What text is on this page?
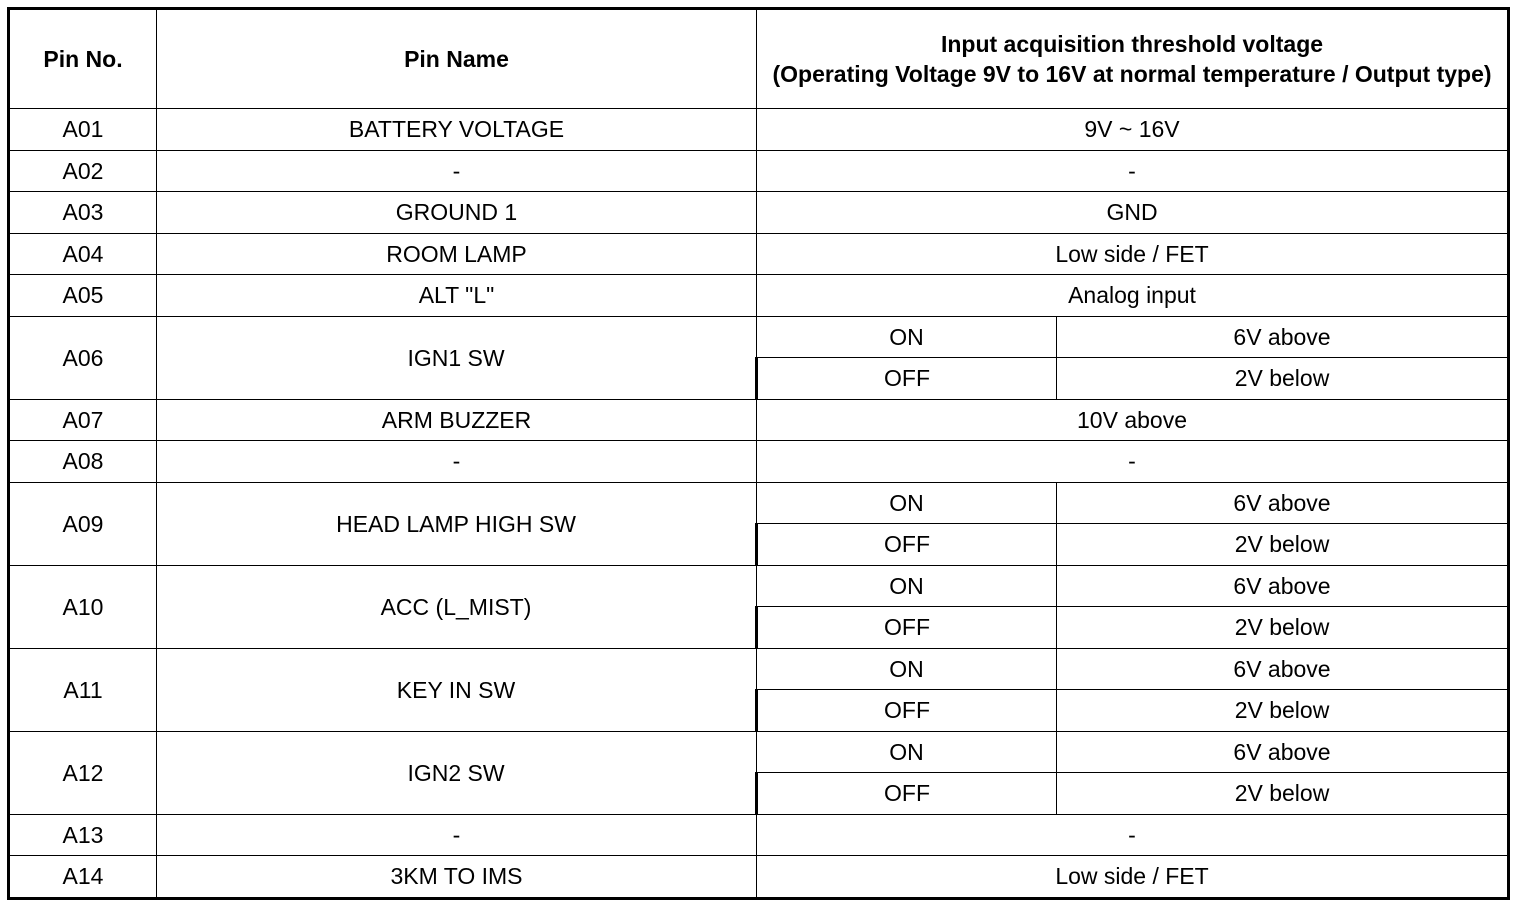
Pin No.	Pin Name	Input acquisition threshold voltage
(Operating Voltage 9V to 16V at normal temperature / Output type)	
A01	BATTERY VOLTAGE	9V ~ 16V	
A02	-	-	
A03	GROUND 1	GND	
A04	ROOM LAMP	Low side / FET	
A05	ALT "L"	Analog input	
A06	IGN1 SW	ON	6V above
		OFF	2V below
A07	ARM BUZZER	10V above	
A08	-	-	
A09	HEAD LAMP HIGH SW	ON	6V above
		OFF	2V below
A10	ACC (L_MIST)	ON	6V above
		OFF	2V below
A11	KEY IN SW	ON	6V above
		OFF	2V below
A12	IGN2 SW	ON	6V above
		OFF	2V below
A13	-	-	
A14	3KM TO IMS	Low side / FET	
